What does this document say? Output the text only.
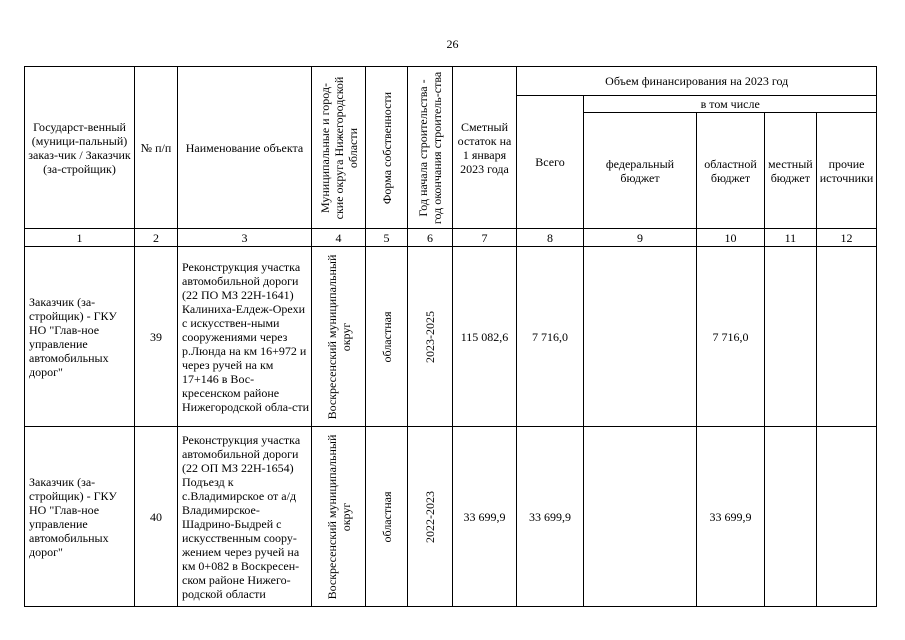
26
Государст-венный (муници-пальный) заказ-чик / Заказчик (за-стройщик)	№ п/п	Наименование объекта	Муниципальные и город-ские округа Нижегородской области	Форма собственности	Год начала строительства - год окончания строитель-ства	Сметный остаток на 1 января 2023 года	Объем финансирования на 2023 год				
							Всего	в том числе			
								федеральный бюджет	областной бюджет	местный бюджет	прочие источники
1	2	3	4	5	6	7	8	9	10	11	12
Заказчик (за-стройщик) - ГКУ НО "Глав-ное управление автомобильных дорог"	39	Реконструкция участка автомобильной дороги (22 ПО МЗ 22Н-1641) Калиниха-Елдеж-Орехи с искусствен-ными сооружениями через р.Люнда на км 16+972 и через ручей на км 17+146 в Вос-кресенском районе Нижегородской обла-сти	Воскресенский муниципальный округ	областная	2023-2025	115 082,6	7 716,0		7 716,0		
Заказчик (за-стройщик) - ГКУ НО "Глав-ное управление автомобильных дорог"	40	Реконструкция участка автомобильной дороги (22 ОП МЗ 22Н-1654) Подъезд к с.Владимирское от а/д Владимирское-Шадрино-Быдрей с искусственным соору-жением через ручей на км 0+082 в Воскресен-ском районе Нижего-родской области	Воскресенский муниципальный округ	областная	2022-2023	33 699,9	33 699,9		33 699,9		
